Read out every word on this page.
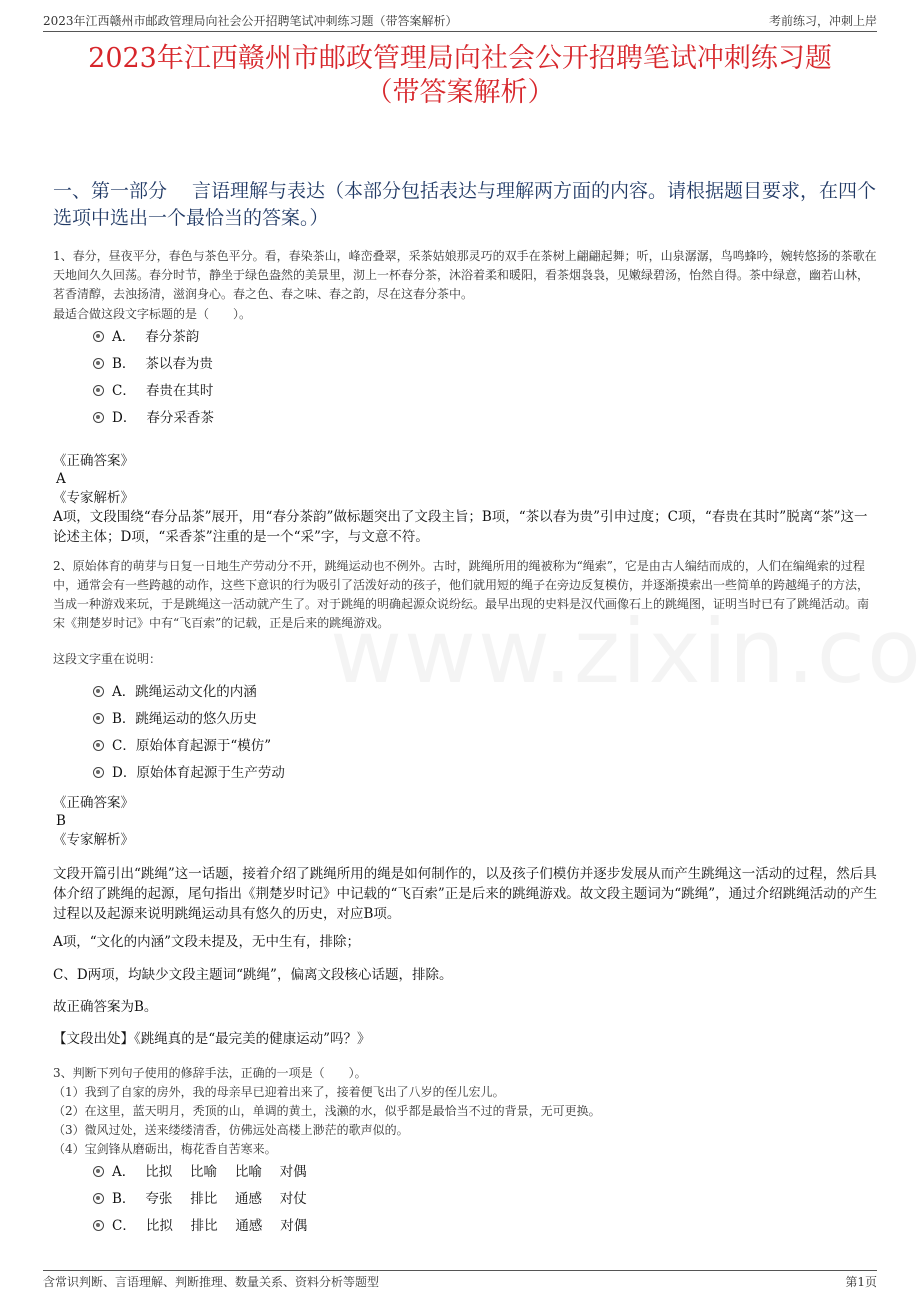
2023年江西赣州市邮政管理局向社会公开招聘笔试冲刺练习题（带答案解析）	考前练习，冲刺上岸
2023年江西赣州市邮政管理局向社会公开招聘笔试冲刺练习题
（带答案解析）
一、第一部分　 言语理解与表达（本部分包括表达与理解两方面的内容。请根据题目要求，在四个选项中选出一个最恰当的答案。）
1、春分，昼夜平分，春色与茶色平分。看，春染茶山，峰峦叠翠，采茶姑娘那灵巧的双手在茶树上翩翩起舞；听，山泉潺潺，鸟鸣蜂吟，婉转悠扬的茶歌在天地间久久回荡。春分时节，静坐于绿色盎然的美景里，沏上一杯春分茶，沐浴着柔和暖阳，看茶烟袅袅，见嫩绿碧汤，怡然自得。茶中绿意，幽若山林，茗香清醇，去浊扬清，滋润身心。春之色、春之味、春之韵，尽在这春分茶中。
最适合做这段文字标题的是（　　）。
A． 春分茶韵
B． 茶以春为贵
C． 春贵在其时
D． 春分采香茶
《正确答案》
A
《专家解析》
A项，文段围绕“春分品茶”展开，用“春分茶韵”做标题突出了文段主旨；B项，“茶以春为贵”引申过度；C项，“春贵在其时”脱离“茶”这一论述主体；D项，“采香茶”注重的是一个“采”字，与文意不符。
2、原始体育的萌芽与日复一日地生产劳动分不开，跳绳运动也不例外。古时，跳绳所用的绳被称为“绳索”，它是由古人编结而成的，人们在编绳索的过程中，通常会有一些跨越的动作，这些下意识的行为吸引了活泼好动的孩子，他们就用短的绳子在旁边反复模仿，并逐渐摸索出一些简单的跨越绳子的方法，当成一种游戏来玩，于是跳绳这一活动就产生了。对于跳绳的明确起源众说纷纭。最早出现的史料是汉代画像石上的跳绳图，证明当时已有了跳绳活动。南宋《荆楚岁时记》中有“飞百索”的记载，正是后来的跳绳游戏。
这段文字重在说明：
A．跳绳运动文化的内涵
B．跳绳运动的悠久历史
C．原始体育起源于“模仿”
D．原始体育起源于生产劳动
《正确答案》
B
《专家解析》
文段开篇引出“跳绳”这一话题，接着介绍了跳绳所用的绳是如何制作的，以及孩子们模仿并逐步发展从而产生跳绳这一活动的过程，然后具体介绍了跳绳的起源，尾句指出《荆楚岁时记》中记载的“飞百索”正是后来的跳绳游戏。故文段主题词为“跳绳”，通过介绍跳绳活动的产生过程以及起源来说明跳绳运动具有悠久的历史，对应B项。
A项，“文化的内涵”文段未提及，无中生有，排除；
C、D两项，均缺少文段主题词“跳绳”，偏离文段核心话题，排除。
故正确答案为B。
【文段出处】《跳绳真的是“最完美的健康运动”吗？》
3、判断下列句子使用的修辞手法，正确的一项是（　　）。
（1）我到了自家的房外，我的母亲早已迎着出来了，接着便飞出了八岁的侄儿宏儿。
（2）在这里，蓝天明月，秃顶的山，单调的黄土，浅濑的水，似乎都是最恰当不过的背景，无可更换。
（3）微风过处，送来缕缕清香，仿佛远处高楼上渺茫的歌声似的。
（4）宝剑锋从磨砺出，梅花香自苦寒来。
A． 比拟　 比喻　 比喻　 对偶
B． 夸张　 排比　 通感　 对仗
C． 比拟　 排比　 通感　 对偶
含常识判断、言语理解、判断推理、数量关系、资料分析等题型	第1页
